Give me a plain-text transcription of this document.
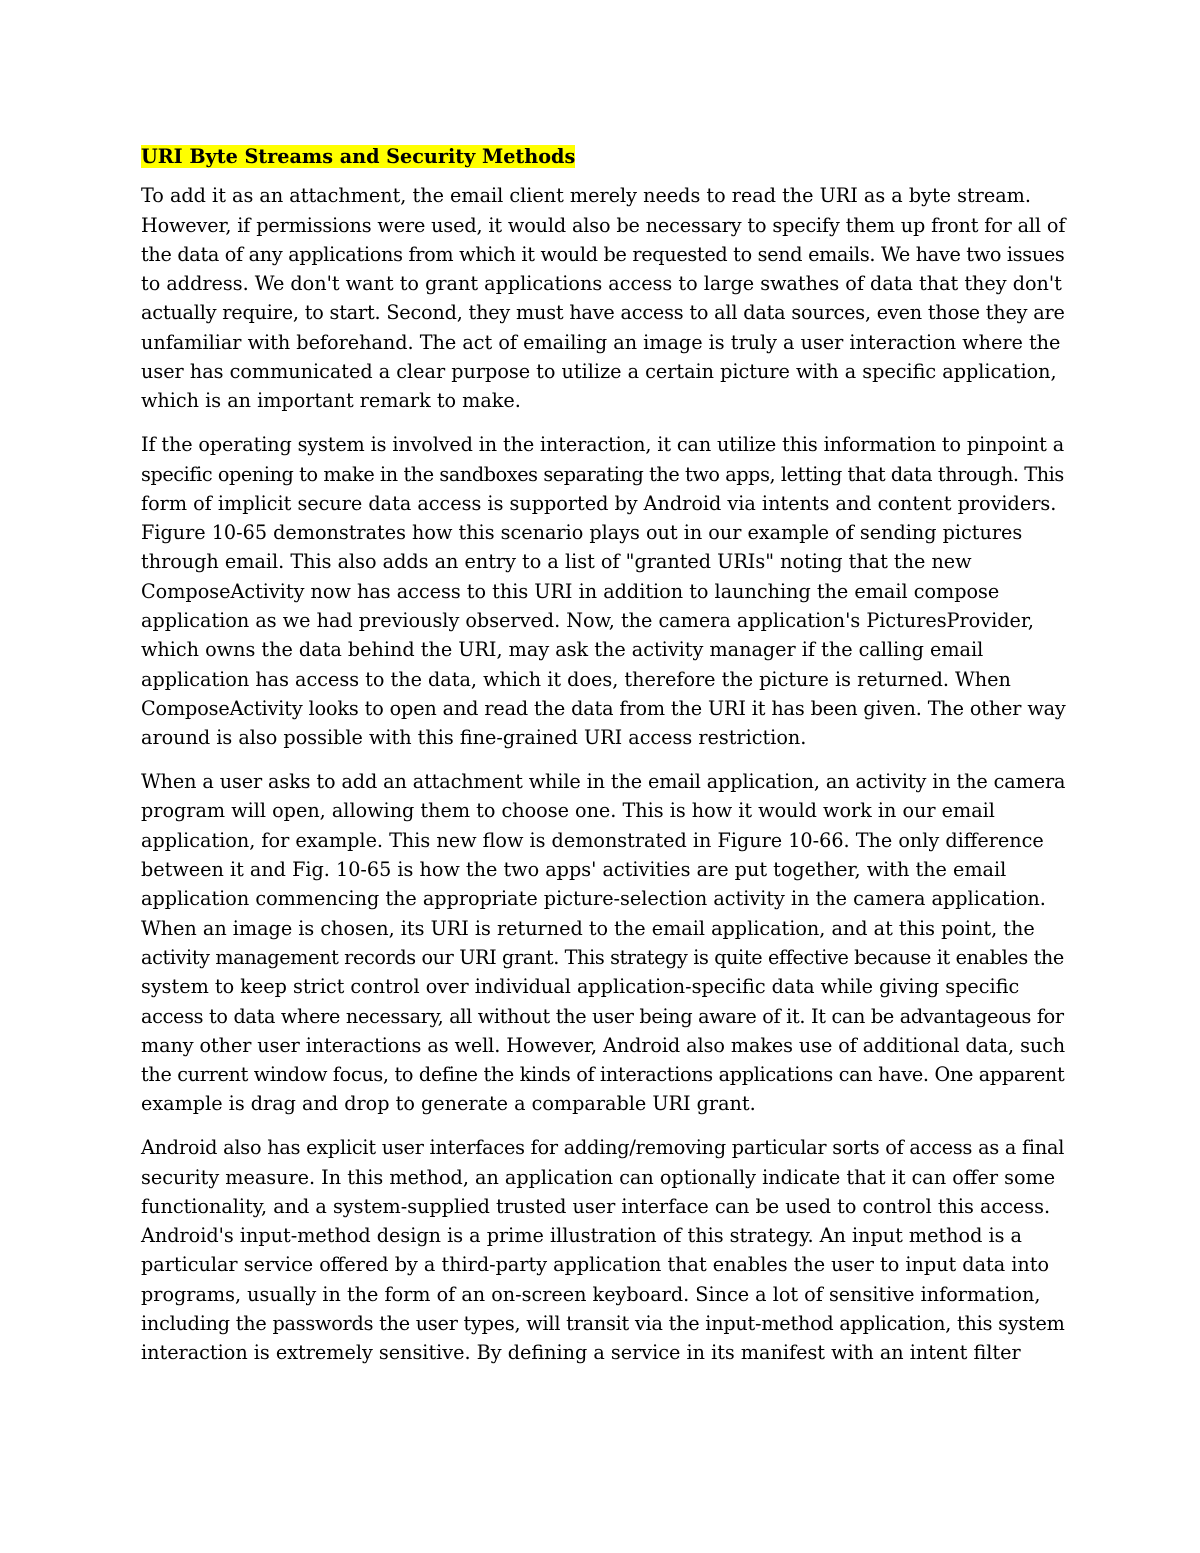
URI Byte Streams and Security Methods

To add it as an attachment, the email client merely needs to read the URI as a byte stream.
However, if permissions were used, it would also be necessary to specify them up front for all of
the data of any applications from which it would be requested to send emails. We have two issues
to address. We don't want to grant applications access to large swathes of data that they don't
actually require, to start. Second, they must have access to all data sources, even those they are
unfamiliar with beforehand. The act of emailing an image is truly a user interaction where the
user has communicated a clear purpose to utilize a certain picture with a specific application,
which is an important remark to make.

If the operating system is involved in the interaction, it can utilize this information to pinpoint a
specific opening to make in the sandboxes separating the two apps, letting that data through. This
form of implicit secure data access is supported by Android via intents and content providers.
Figure 10-65 demonstrates how this scenario plays out in our example of sending pictures
through email. This also adds an entry to a list of "granted URIs" noting that the new
ComposeActivity now has access to this URI in addition to launching the email compose
application as we had previously observed. Now, the camera application's PicturesProvider,
which owns the data behind the URI, may ask the activity manager if the calling email
application has access to the data, which it does, therefore the picture is returned. When
ComposeActivity looks to open and read the data from the URI it has been given. The other way
around is also possible with this fine-grained URI access restriction.

When a user asks to add an attachment while in the email application, an activity in the camera
program will open, allowing them to choose one. This is how it would work in our email
application, for example. This new flow is demonstrated in Figure 10-66. The only difference
between it and Fig. 10-65 is how the two apps' activities are put together, with the email
application commencing the appropriate picture-selection activity in the camera application.
When an image is chosen, its URI is returned to the email application, and at this point, the
activity management records our URI grant. This strategy is quite effective because it enables the
system to keep strict control over individual application-specific data while giving specific
access to data where necessary, all without the user being aware of it. It can be advantageous for
many other user interactions as well. However, Android also makes use of additional data, such
the current window focus, to define the kinds of interactions applications can have. One apparent
example is drag and drop to generate a comparable URI grant.

Android also has explicit user interfaces for adding/removing particular sorts of access as a final
security measure. In this method, an application can optionally indicate that it can offer some
functionality, and a system-supplied trusted user interface can be used to control this access.
Android's input-method design is a prime illustration of this strategy. An input method is a
particular service offered by a third-party application that enables the user to input data into
programs, usually in the form of an on-screen keyboard. Since a lot of sensitive information,
including the passwords the user types, will transit via the input-method application, this system
interaction is extremely sensitive. By defining a service in its manifest with an intent filter
